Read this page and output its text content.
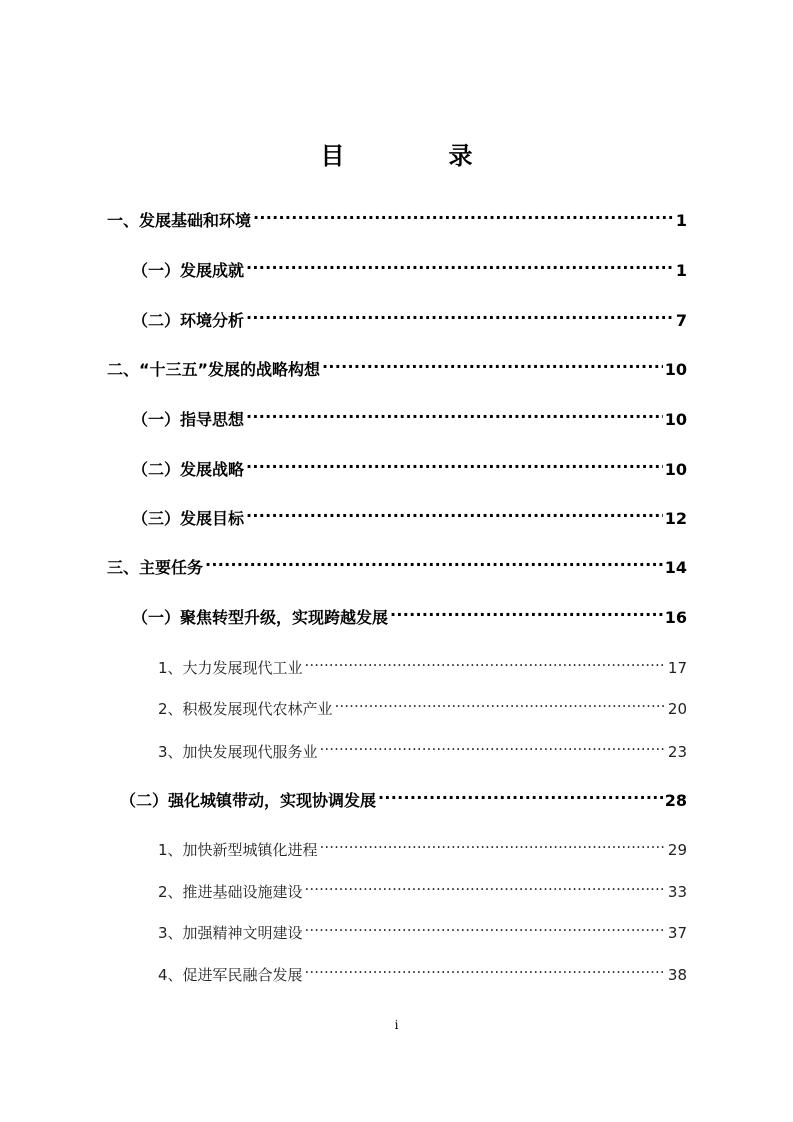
目　录
一、发展基础和环境 .....	1
（一）发展成就 .....	1
（二）环境分析 .....	7
二、“十三五”发展的战略构想 .....	10
（一）指导思想 .....	10
（二）发展战略 .....	10
（三）发展目标 .....	12
三、主要任务 .....	14
（一）聚焦转型升级，实现跨越发展 .....	16
1、大力发展现代工业 .....	17
2、积极发展现代农林产业 .....	20
3、加快发展现代服务业 .....	23
（二）强化城镇带动，实现协调发展 .....	28
1、加快新型城镇化进程 .....	29
2、推进基础设施建设 .....	33
3、加强精神文明建设 .....	37
4、促进军民融合发展 .....	38
i
